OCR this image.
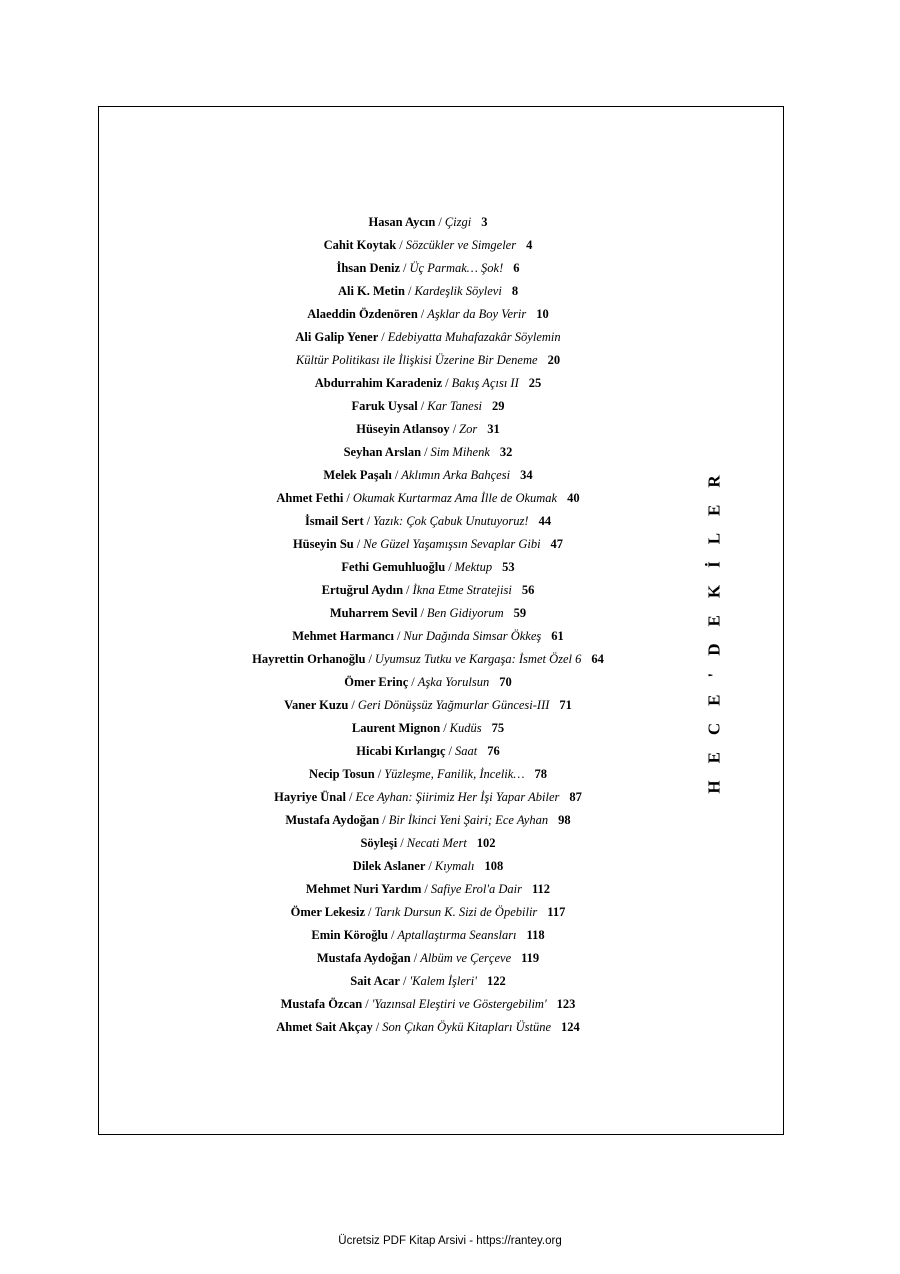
Hasan Aycın / Çizgi 3
Cahit Koytak / Sözcükler ve Simgeler 4
İhsan Deniz / Üç Parmak… Şok! 6
Ali K. Metin / Kardeşlik Söylevi 8
Alaeddin Özdenören / Aşklar da Boy Verir 10
Ali Galip Yener / Edebiyatta Muhafazakâr Söylemin
Kültür Politikası ile İlişkisi Üzerine Bir Deneme 20
Abdurrahim Karadeniz / Bakış Açısı II 25
Faruk Uysal / Kar Tanesi 29
Hüseyin Atlansoy / Zor 31
Seyhan Arslan / Sim Mihenk 32
Melek Paşalı / Aklımın Arka Bahçesi 34
Ahmet Fethi / Okumak Kurtarmaz Ama İlle de Okumak 40
İsmail Sert / Yazık: Çok Çabuk Unutuyoruz! 44
Hüseyin Su / Ne Güzel Yaşamışsın Sevaplar Gibi 47
Fethi Gemuhluoğlu / Mektup 53
Ertuğrul Aydın / İkna Etme Stratejisi 56
Muharrem Sevil / Ben Gidiyorum 59
Mehmet Harmancı / Nur Dağında Simsar Ökkeş 61
Hayrettin Orhanoğlu / Uyumsuz Tutku ve Kargaşa: İsmet Özel 6 64
Ömer Erinç / Aşka Yorulsun 70
Vaner Kuzu / Geri Dönüşsüz Yağmurlar Güncesi-III 71
Laurent Mignon / Kudüs 75
Hicabi Kırlangıç / Saat 76
Necip Tosun / Yüzleşme, Fanilik, İncelik… 78
Hayriye Ünal / Ece Ayhan: Şiirimiz Her İşi Yapar Abiler 87
Mustafa Aydoğan / Bir İkinci Yeni Şairi; Ece Ayhan 98
Söyleşi / Necati Mert 102
Dilek Aslaner / Kıymalı 108
Mehmet Nuri Yardım / Safiye Erol'a Dair 112
Ömer Lekesiz / Tarık Dursun K. Sizi de Öpebilir 117
Emin Köroğlu / Aptallaştırma Seansları 118
Mustafa Aydoğan / Albüm ve Çerçeve 119
Sait Acar / 'Kalem İşleri' 122
Mustafa Özcan / 'Yazınsal Eleştiri ve Göstergebilim' 123
Ahmet Sait Akçay / Son Çıkan Öykü Kitapları Üstüne 124
HECE'DEKİLER
Ücretsiz PDF Kitap Arsivi - https://rantey.org
